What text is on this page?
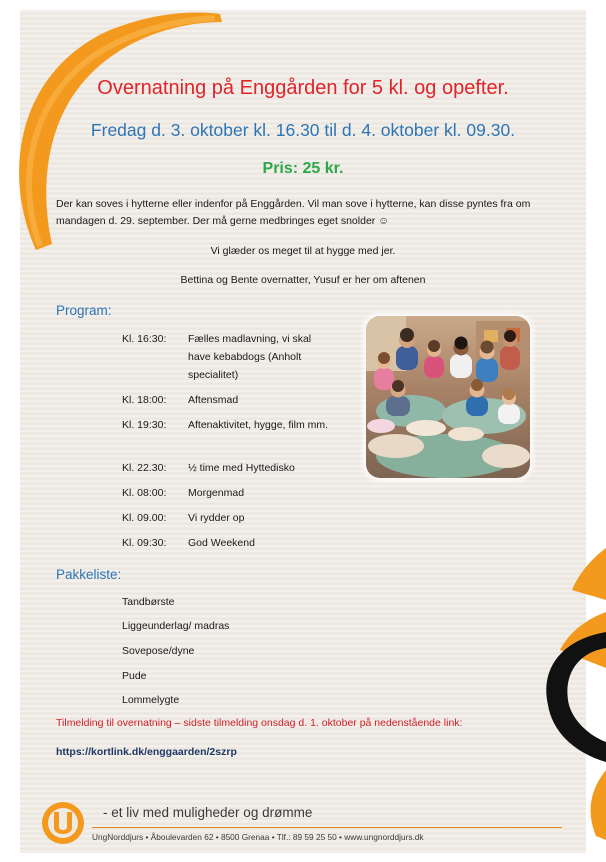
Overnatning på Enggården for 5 kl. og opefter.
Fredag d. 3. oktober kl. 16.30 til d. 4. oktober kl. 09.30.
Pris: 25 kr.
Der kan soves i hytterne eller indenfor på Enggården. Vil man sove i hytterne, kan disse pyntes fra om mandagen d. 29. september. Der må gerne medbringes eget snolder ☺
Vi glæder os meget til at hygge med jer.
Bettina og Bente overnatter, Yusuf er her om aftenen
Program:
Kl. 16:30:	Fælles madlavning, vi skal have kebabdogs (Anholt specialitet)
Kl. 18:00:	Aftensmad
Kl. 19:30:	Aftenaktivitet, hygge, film mm.
Kl. 22.30:	½ time med Hyttedisko
Kl. 08:00:	Morgenmad
Kl. 09.00:	Vi rydder op
Kl. 09:30:	God Weekend
Pakkeliste:
Tandbørste
Liggeunderlag/ madras
Sovepose/dyne
Pude
Lommelygte
Tilmelding til overnatning – sidste tilmelding onsdag d. 1. oktober på nedenstående link:
https://kortlink.dk/enggaarden/2szrp
- et liv med muligheder og drømme
UngNorddjurs • Åboulevarden 62 • 8500 Grenaa • Tlf.: 89 59 25 50 • www.ungnorddjurs.dk
